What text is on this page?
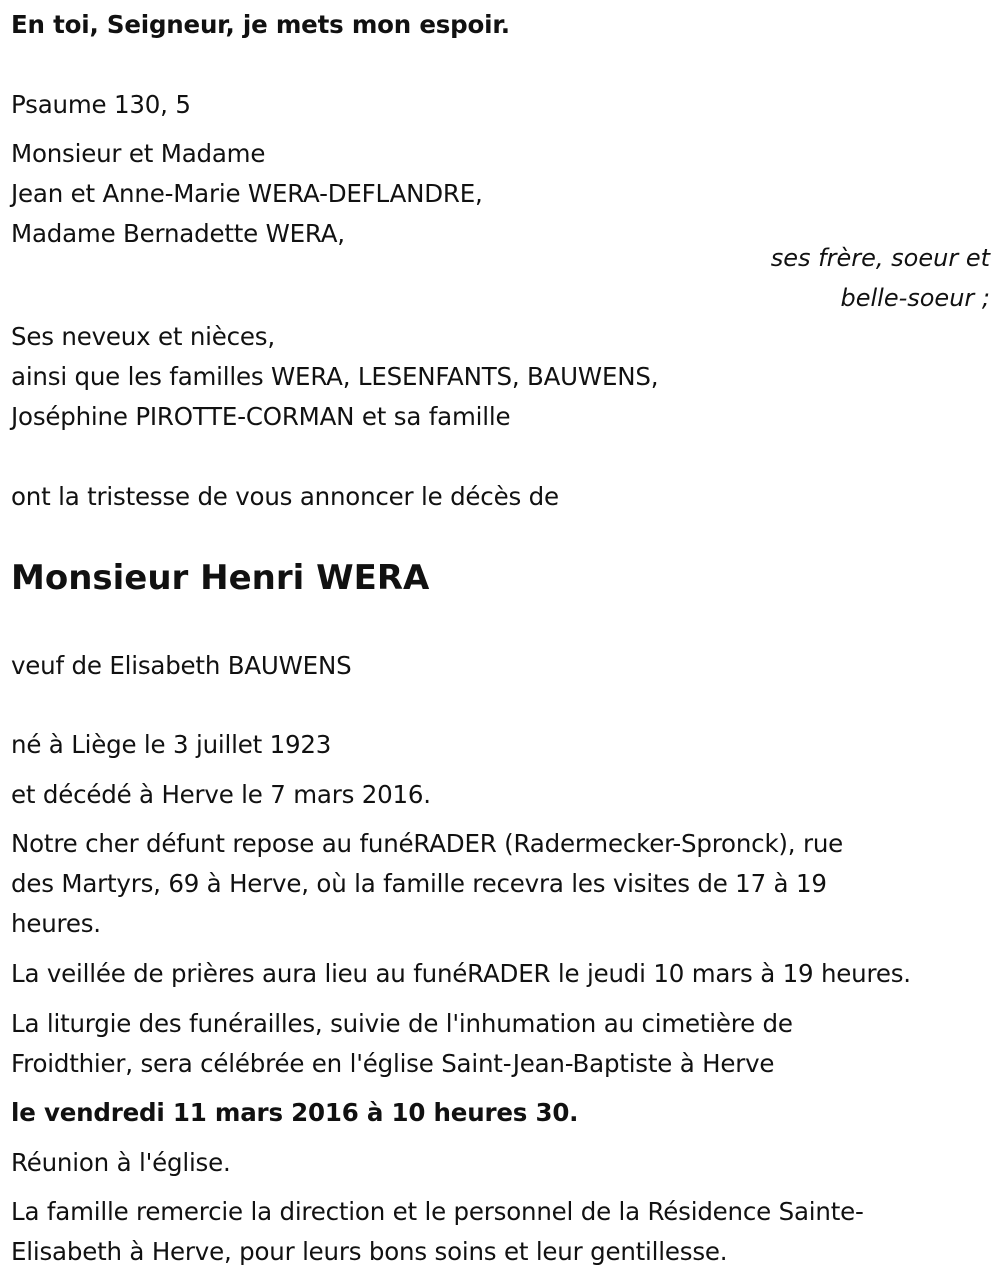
En toi, Seigneur, je mets mon espoir.
Psaume 130, 5
Monsieur et Madame
Jean et Anne-Marie WERA-DEFLANDRE,
Madame Bernadette WERA,
ses frère, soeur et
belle-soeur ;
Ses neveux et nièces,
ainsi que les familles WERA, LESENFANTS, BAUWENS,
Joséphine PIROTTE-CORMAN et sa famille
ont la tristesse de vous annoncer le décès de
Monsieur Henri WERA
veuf de Elisabeth BAUWENS
né à Liège le 3 juillet 1923
et décédé à Herve le 7 mars 2016.
Notre cher défunt repose au funéRADER (Radermecker-Spronck), rue
des Martyrs, 69 à Herve, où la famille recevra les visites de 17 à 19
heures.
La veillée de prières aura lieu au funéRADER le jeudi 10 mars à 19 heures.
La liturgie des funérailles, suivie de l'inhumation au cimetière de
Froidthier, sera célébrée en l'église Saint-Jean-Baptiste à Herve
le vendredi 11 mars 2016 à 10 heures 30.
Réunion à l'église.
La famille remercie la direction et le personnel de la Résidence Sainte-
Elisabeth à Herve, pour leurs bons soins et leur gentillesse.
